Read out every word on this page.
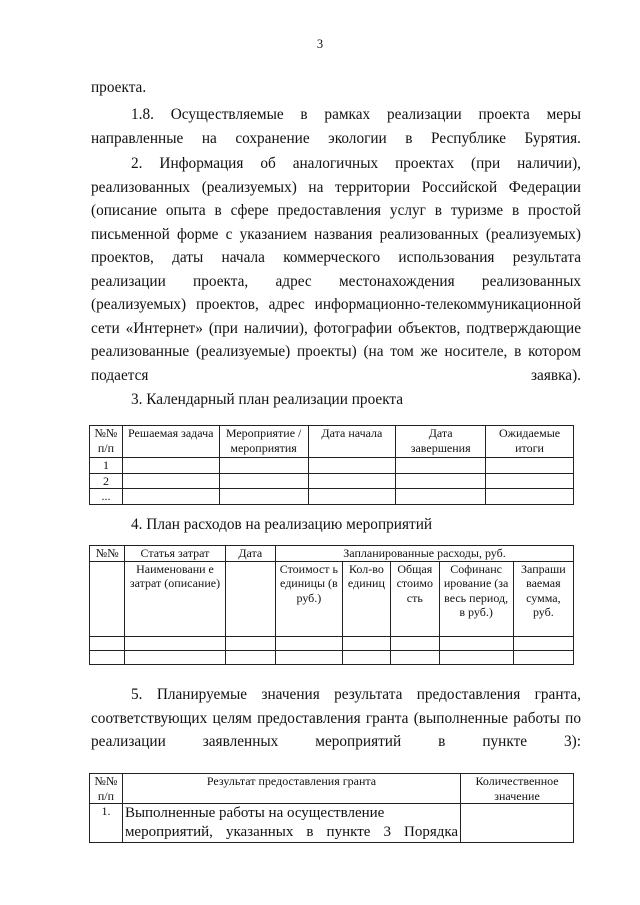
3

проекта.

1.8. Осуществляемые в рамках реализации проекта меры направленные на сохранение экологии в Республике Бурятия.

2. Информация об аналогичных проектах (при наличии), реализованных (реализуемых) на территории Российской Федерации (описание опыта в сфере предоставления услуг в туризме в простой письменной форме с указанием названия реализованных (реализуемых) проектов, даты начала коммерческого использования результата реализации проекта, адрес местонахождения реализованных (реализуемых) проектов, адрес информационно-телекоммуникационной сети «Интернет» (при наличии), фотографии объектов, подтверждающие реализованные (реализуемые) проекты) (на том же носителе, в котором подается заявка).

3. Календарный план реализации проекта

№№ п/п	Решаемая задача	Мероприятие /мероприятия	Дата начала	Дата завершения	Ожидаемые итоги
1					
2					
...					

4. План расходов на реализацию мероприятий

№№	Статья затрат	Дата	Запланированные расходы, руб.				
	Наименовани е затрат (описание)		Стоимост ь единицы (в руб.)	Кол-во единиц	Общая стоимо сть	Софинанс ирование (за весь период, в руб.)	Запраши ваемая сумма, руб.

5. Планируемые значения результата предоставления гранта, соответствующих целям предоставления гранта (выполненные работы по реализации заявленных мероприятий в пункте 3):

№№ п/п	Результат предоставления гранта	Количественное значение
1.	Выполненные работы на осуществление мероприятий, указанных в пункте 3 Порядка	
